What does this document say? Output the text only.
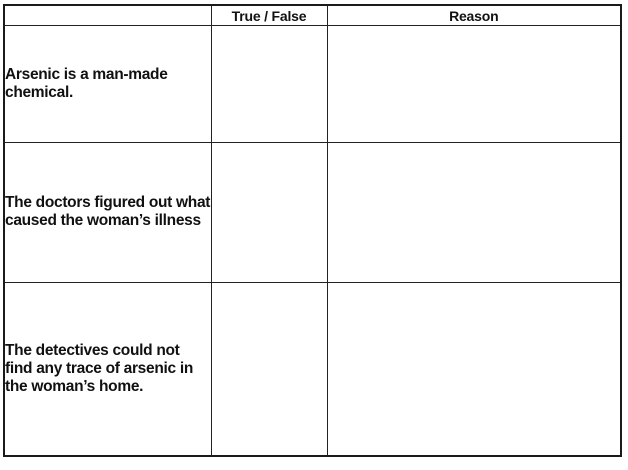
	True / False	Reason

Arsenic is a man-made chemical.		

The doctors figured out what caused the woman’s illness		

The detectives could not find any trace of arsenic in the woman’s home.		
